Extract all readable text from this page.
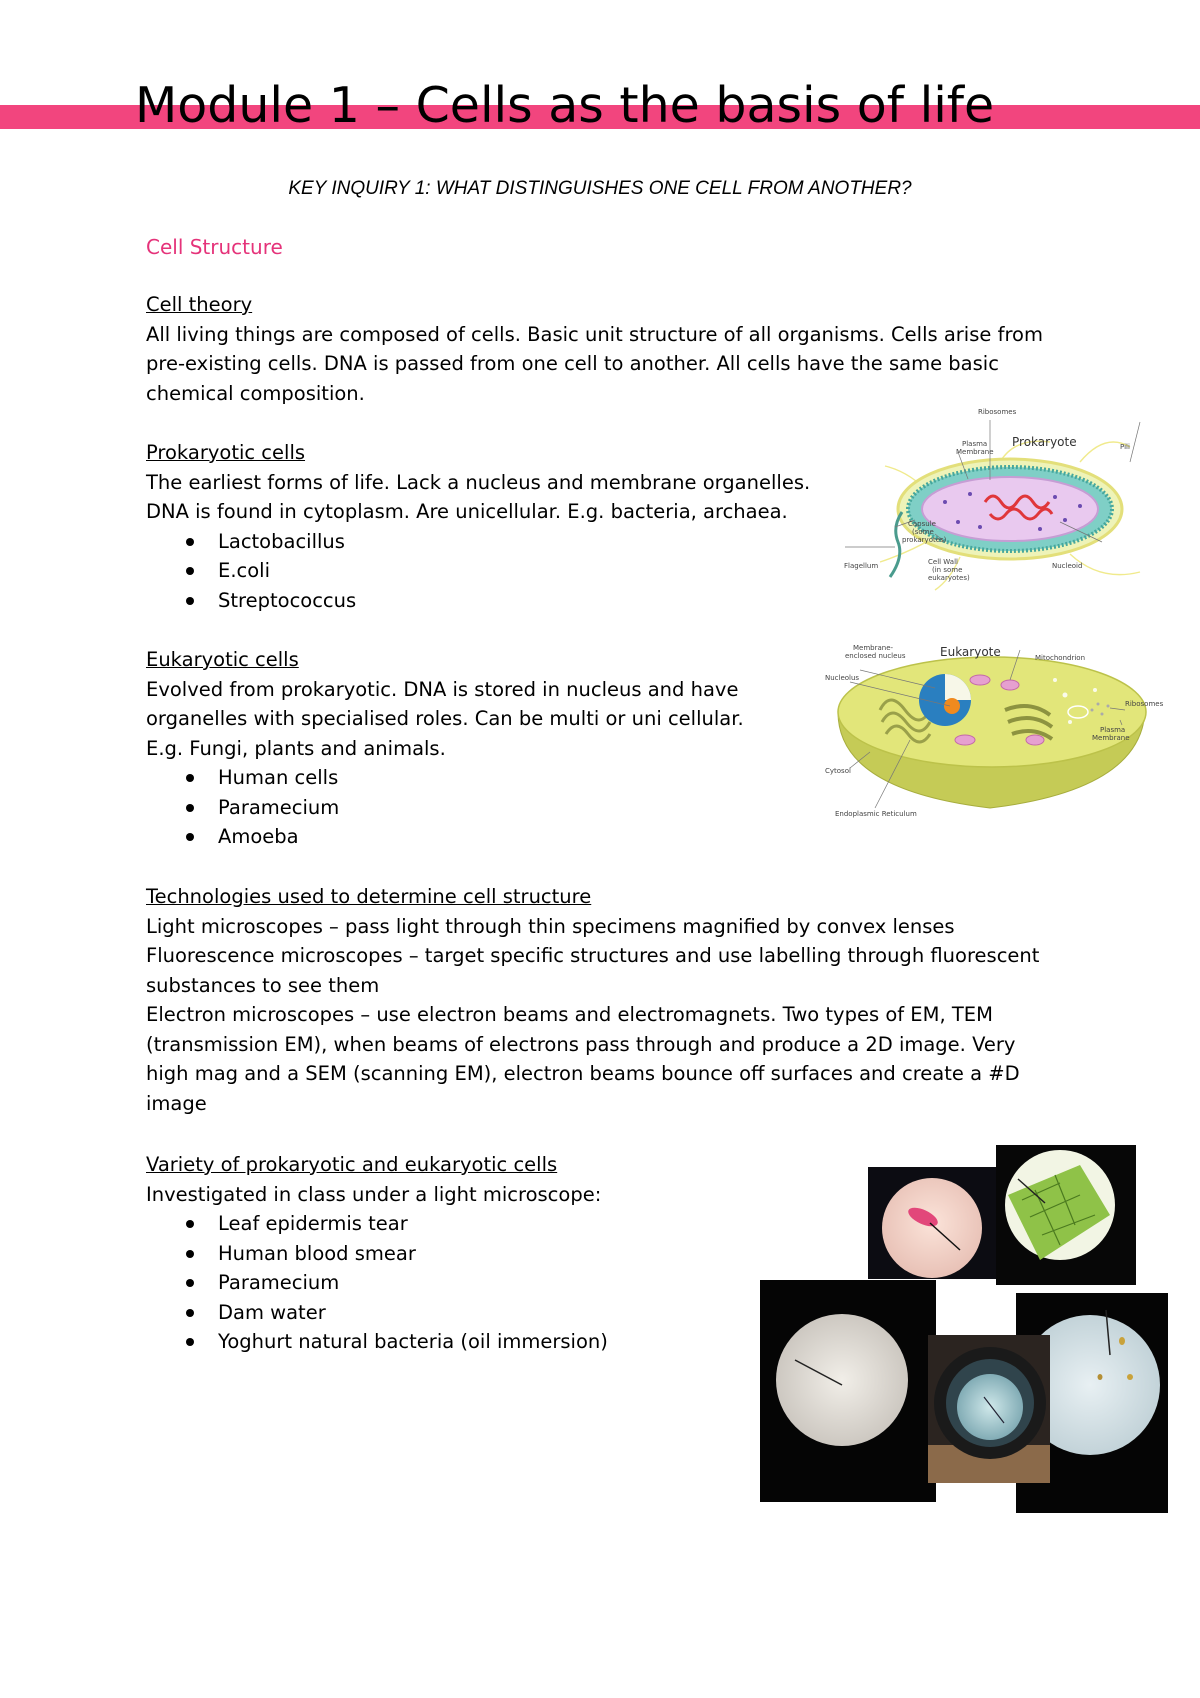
Module 1 – Cells as the basis of life

KEY INQUIRY 1: WHAT DISTINGUISHES ONE CELL FROM ANOTHER?

Cell Structure

Cell theory

All living things are composed of cells. Basic unit structure of all organisms. Cells arise from pre-existing cells. DNA is passed from one cell to another. All cells have the same basic chemical composition.

Prokaryotic cells

The earliest forms of life. Lack a nucleus and membrane organelles.

DNA is found in cytoplasm. Are unicellular. E.g. bacteria, archaea.

Lactobacillus
E.coli
Streptococcus
Eukaryotic cells

Evolved from prokaryotic. DNA is stored in nucleus and have

organelles with specialised roles. Can be multi or uni cellular.

E.g. Fungi, plants and animals.

Human cells
Paramecium
Amoeba
Technologies used to determine cell structure

Light microscopes – pass light through thin specimens magnified by convex lenses

Fluorescence microscopes – target specific structures and use labelling through fluorescent

substances to see them

Electron microscopes – use electron beams and electromagnets. Two types of EM, TEM

(transmission EM), when beams of electrons pass through and produce a 2D image. Very

high mag and a SEM (scanning EM), electron beams bounce off surfaces and create a #D

image

Variety of prokaryotic and eukaryotic cells

Investigated in class under a light microscope:

Leaf epidermis tear
Human blood smear
Paramecium
Dam water
Yoghurt natural bacteria (oil immersion)
Prokaryote
Ribosomes
Plasma
Membrane
Pili
Capsule
(some
prokaryotes)
Flagellum	Cell Wall
(in some
eukaryotes)
Nucleoid
Eukaryote
Membrane-
enclosed nucleus	Mitochondrion
Nucleolus
Ribosomes
Plasma
Membrane
Cytosol
Endoplasmic Reticulum
